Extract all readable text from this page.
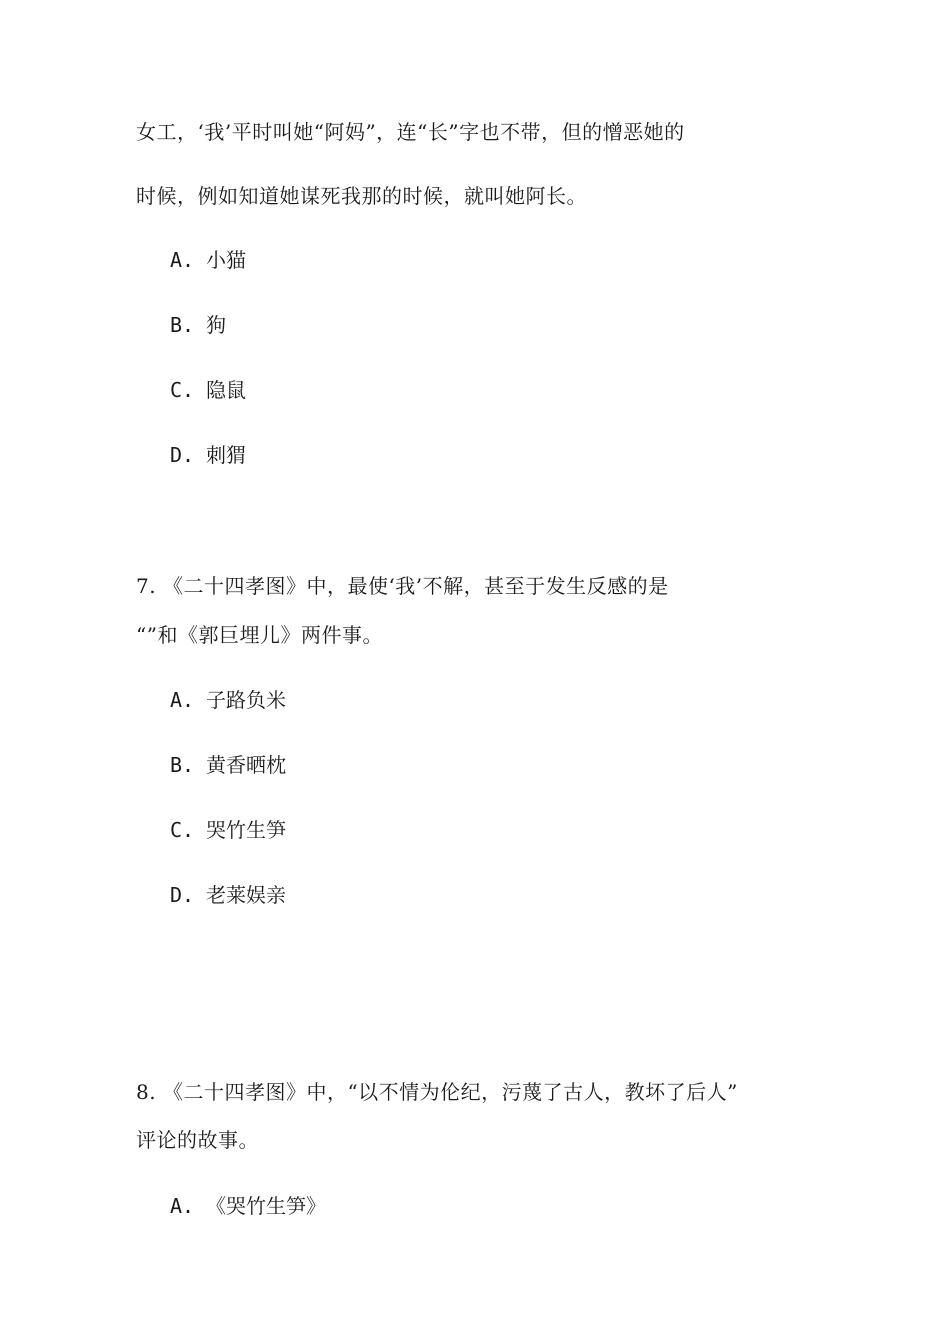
女工，‘我’平时叫她“阿妈”，连“长”字也不带，但的憎恶她的
时候，例如知道她谋死我那的时候，就叫她阿长。
A. 小猫
B. 狗
C. 隐鼠
D. 刺猬
7. 《二十四孝图》中，最使‘我’不解，甚至于发生反感的是
“”和《郭巨埋儿》两件事。
A. 子路负米
B. 黄香晒枕
C. 哭竹生笋
D. 老莱娱亲
8. 《二十四孝图》中，“以不情为伦纪，污蔑了古人，教坏了后人”
评论的故事。
A. 《哭竹生笋》
